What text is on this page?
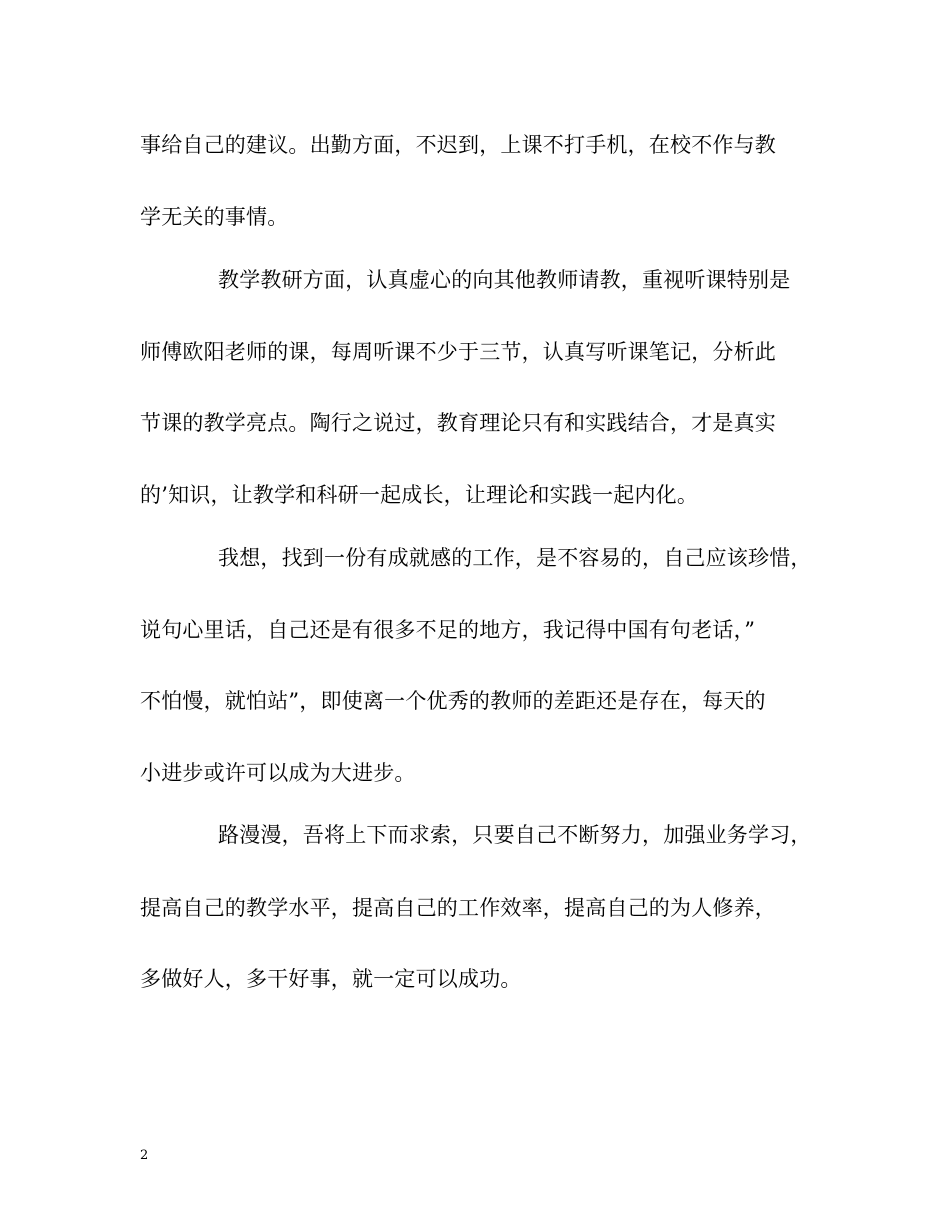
事给自己的建议。出勤方面，不迟到，上课不打手机，在校不作与教
学无关的事情。
教学教研方面，认真虚心的向其他教师请教，重视听课特别是
师傅欧阳老师的课，每周听课不少于三节，认真写听课笔记，分析此
节课的教学亮点。陶行之说过，教育理论只有和实践结合，才是真实
的’知识，让教学和科研一起成长，让理论和实践一起内化。
我想，找到一份有成就感的工作，是不容易的，自己应该珍惜，
说句心里话，自己还是有很多不足的地方，我记得中国有句老话，”
不怕慢，就怕站”，即使离一个优秀的教师的差距还是存在，每天的
小进步或许可以成为大进步。
路漫漫，吾将上下而求索，只要自己不断努力，加强业务学习，
提高自己的教学水平，提高自己的工作效率，提高自己的为人修养，
多做好人，多干好事，就一定可以成功。
2
